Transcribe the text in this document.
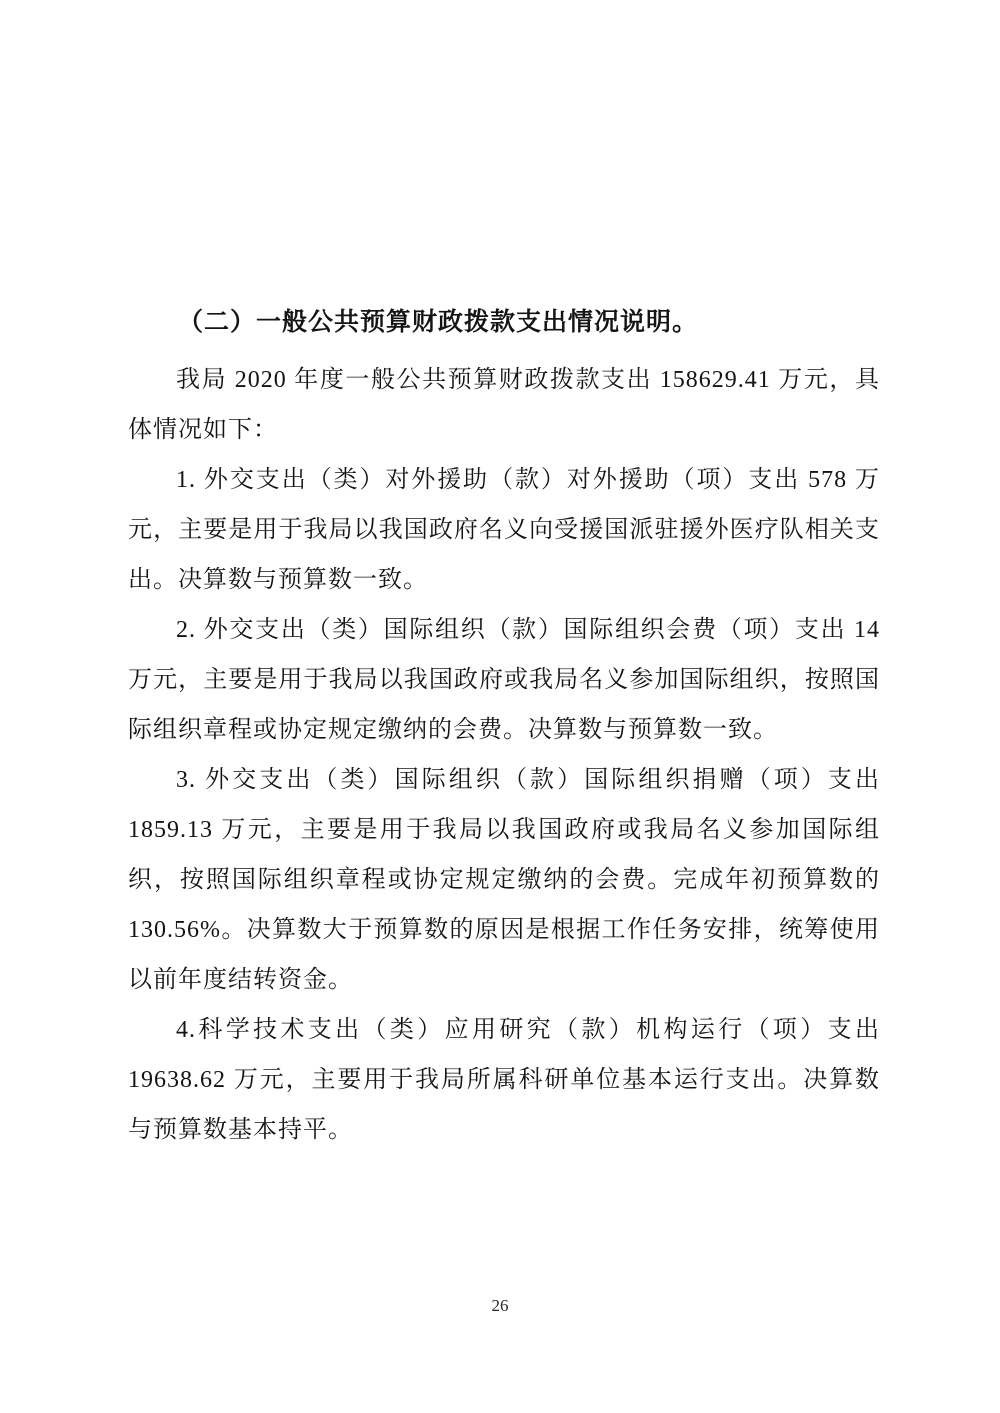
（二）一般公共预算财政拨款支出情况说明。

我局 2020 年度一般公共预算财政拨款支出 158629.41 万元，具体情况如下：

1. 外交支出（类）对外援助（款）对外援助（项）支出 578 万元，主要是用于我局以我国政府名义向受援国派驻援外医疗队相关支出。决算数与预算数一致。

2. 外交支出（类）国际组织（款）国际组织会费（项）支出 14 万元，主要是用于我局以我国政府或我局名义参加国际组织，按照国际组织章程或协定规定缴纳的会费。决算数与预算数一致。

3. 外交支出（类）国际组织（款）国际组织捐赠（项）支出 1859.13 万元，主要是用于我局以我国政府或我局名义参加国际组织，按照国际组织章程或协定规定缴纳的会费。完成年初预算数的 130.56%。决算数大于预算数的原因是根据工作任务安排，统筹使用以前年度结转资金。

4.科学技术支出（类）应用研究（款）机构运行（项）支出 19638.62 万元，主要用于我局所属科研单位基本运行支出。决算数与预算数基本持平。

26
